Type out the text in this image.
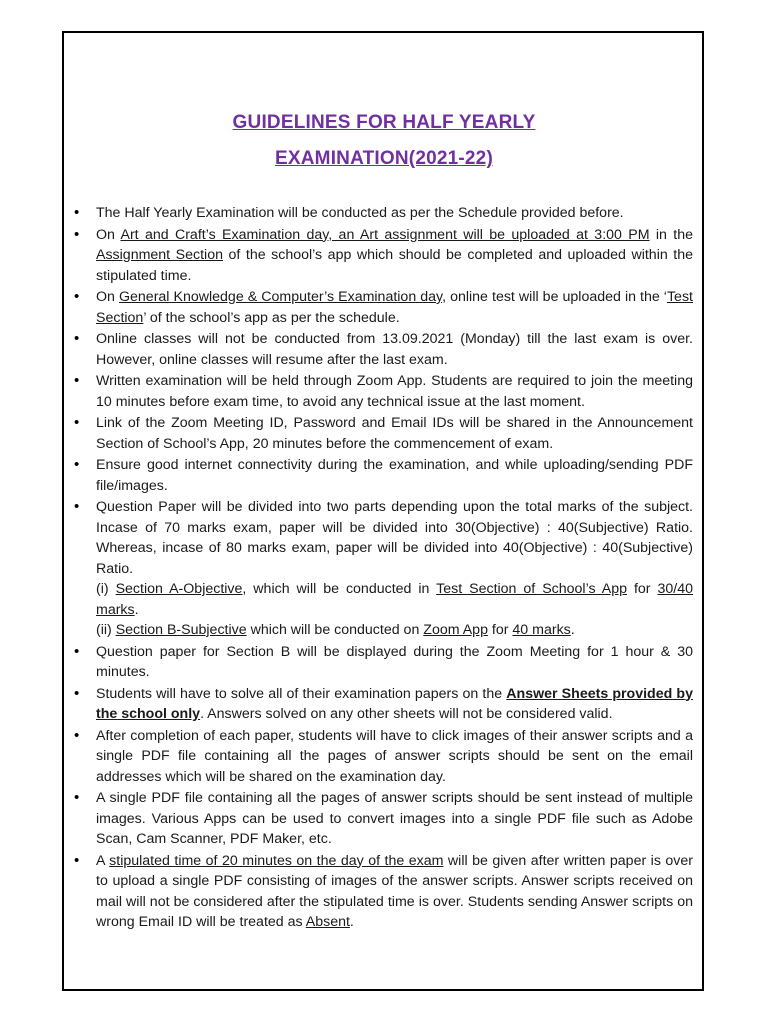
GUIDELINES FOR HALF YEARLY
EXAMINATION(2021-22)
• The Half Yearly Examination will be conducted as per the Schedule provided before.
• On Art and Craft’s Examination day, an Art assignment will be uploaded at 3:00 PM in the Assignment Section of the school’s app which should be completed and uploaded within the stipulated time.
• On General Knowledge & Computer’s Examination day, online test will be uploaded in the ‘Test Section’ of the school’s app as per the schedule.
• Online classes will not be conducted from 13.09.2021 (Monday) till the last exam is over. However, online classes will resume after the last exam.
• Written examination will be held through Zoom App. Students are required to join the meeting 10 minutes before exam time, to avoid any technical issue at the last moment.
• Link of the Zoom Meeting ID, Password and Email IDs will be shared in the Announcement Section of School’s App, 20 minutes before the commencement of exam.
• Ensure good internet connectivity during the examination, and while uploading/sending PDF file/images.
• Question Paper will be divided into two parts depending upon the total marks of the subject. Incase of 70 marks exam, paper will be divided into 30(Objective) : 40(Subjective) Ratio. Whereas, incase of 80 marks exam, paper will be divided into 40(Objective) : 40(Subjective) Ratio.
(i) Section A-Objective, which will be conducted in Test Section of School’s App for 30/40 marks.
(ii) Section B-Subjective which will be conducted on Zoom App for 40 marks.
• Question paper for Section B will be displayed during the Zoom Meeting for 1 hour & 30 minutes.
• Students will have to solve all of their examination papers on the Answer Sheets provided by the school only. Answers solved on any other sheets will not be considered valid.
• After completion of each paper, students will have to click images of their answer scripts and a single PDF file containing all the pages of answer scripts should be sent on the email addresses which will be shared on the examination day.
• A single PDF file containing all the pages of answer scripts should be sent instead of multiple images. Various Apps can be used to convert images into a single PDF file such as Adobe Scan, Cam Scanner, PDF Maker, etc.
• A stipulated time of 20 minutes on the day of the exam will be given after written paper is over to upload a single PDF consisting of images of the answer scripts. Answer scripts received on mail will not be considered after the stipulated time is over. Students sending Answer scripts on wrong Email ID will be treated as Absent.
